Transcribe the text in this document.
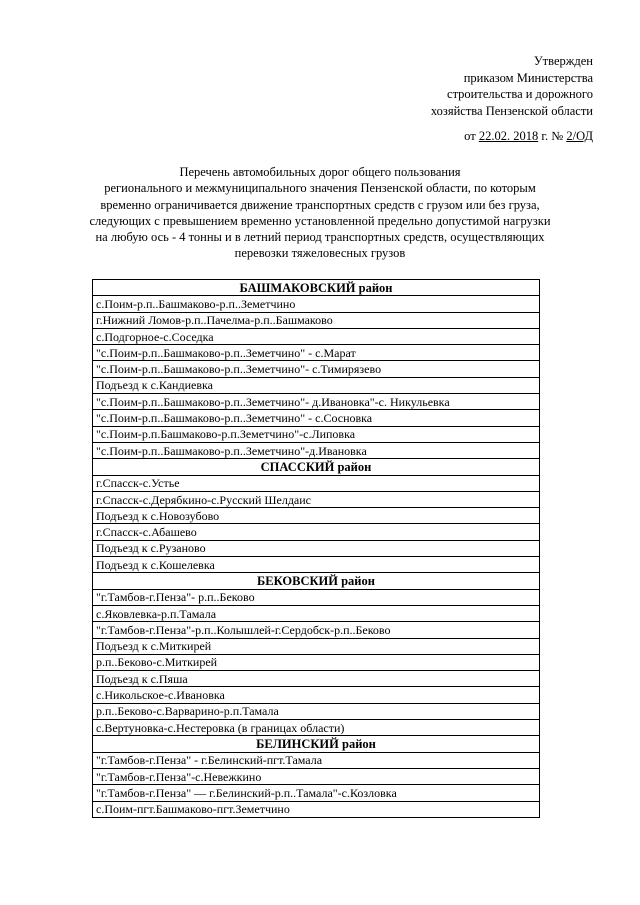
Утвержден
приказом Министерства
строительства и дорожного
хозяйства Пензенской области
от 22.02. 2018 г. № 2/ОД
Перечень автомобильных дорог общего пользования
регионального и межмуниципального значения Пензенской области, по которым
временно ограничивается движение транспортных средств с грузом или без груза,
следующих с превышением временно установленной предельно допустимой нагрузки
на любую ось - 4 тонны и в летний период транспортных средств, осуществляющих
перевозки тяжеловесных грузов
БАШМАКОВСКИЙ район
с.Поим-р.п..Башмаково-р.п..Земетчино
г.Нижний Ломов-р.п..Пачелма-р.п..Башмаково
с.Подгорное-с.Соседка
"с.Поим-р.п..Башмаково-р.п..Земетчино" - с.Марат
"с.Поим-р.п..Башмаково-р.п..Земетчино"- с.Тимирязево
Подъезд к с.Кандиевка
"с.Поим-р.п..Башмаково-р.п..Земетчино"- д.Ивановка"-с. Никульевка
"с.Поим-р.п..Башмаково-р.п..Земетчино" - с.Сосновка
"с.Поим-р.п.Башмаково-р.п.Земетчино"-с.Липовка
"с.Поим-р.п..Башмаково-р.п..Земетчино"-д.Ивановка
СПАССКИЙ район
г.Спасск-с.Устье
г.Спасск-с.Дерябкино-с.Русский Шелдаис
Подъезд к с.Новозубово
г.Спасск-с.Абашево
Подъезд к с.Рузаново
Подъезд к с.Кошелевка
БЕКОВСКИЙ район
"г.Тамбов-г.Пенза"- р.п..Беково
с.Яковлевка-р.п.Тамала
"г.Тамбов-г.Пенза"-р.п..Колышлей-г.Сердобск-р.п..Беково
Подъезд к с.Миткирей
р.п..Беково-с.Миткирей
Подъезд к с.Пяша
с.Никольское-с.Ивановка
р.п..Беково-с.Варварино-р.п.Тамала
с.Вертуновка-с.Нестеровка (в границах области)
БЕЛИНСКИЙ район
"г.Тамбов-г.Пенза" - г.Белинский-пгт.Тамала
"г.Тамбов-г.Пенза"-с.Невежкино
"г.Тамбов-г.Пенза" — г.Белинский-р.п..Тамала"-с.Козловка
с.Поим-пгт.Башмаково-пгт.Земетчино
